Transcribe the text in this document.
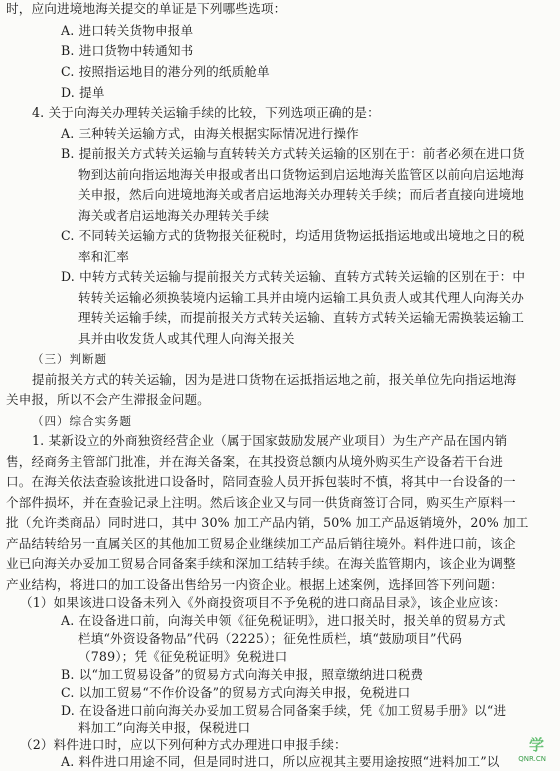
时，应向进境地海关提交的单证是下列哪些选项：
A. 进口转关货物申报单
B. 进口货物中转通知书
C. 按照指运地目的港分列的纸质舱单
D. 提单
4. 关于向海关办理转关运输手续的比较，下列选项正确的是：
A. 三种转关运输方式，由海关根据实际情况进行操作
B. 提前报关方式转关运输与直转转关方式转关运输的区别在于：前者必须在进口货
物到达前向指运地海关申报或者出口货物运到启运地海关监管区以前向启运地海
关申报，然后向进境地海关或者启运地海关办理转关手续；而后者直接向进境地
海关或者启运地海关办理转关手续
C. 不同转关运输方式的货物报关征税时，均适用货物运抵指运地或出境地之日的税
率和汇率
D. 中转方式转关运输与提前报关方式转关运输、直转方式转关运输的区别在于：中
转转关运输必须换装境内运输工具并由境内运输工具负责人或其代理人向海关办
理转关运输手续，而提前报关方式转关运输、直转方式转关运输无需换装运输工
具并由收发货人或其代理人向海关报关
（三）判断题
提前报关方式的转关运输，因为是进口货物在运抵指运地之前，报关单位先向指运地海
关申报，所以不会产生滞报金问题。
（四）综合实务题
1. 某新设立的外商独资经营企业（属于国家鼓励发展产业项目）为生产产品在国内销
售，经商务主管部门批准，并在海关备案，在其投资总额内从境外购买生产设备若干台进
口。在海关依法查验该批进口设备时，陪同查验人员开拆包装时不慎，将其中一台设备的一
个部件损坏，并在查验记录上注明。然后该企业又与同一供货商签订合同，购买生产原料一
批（允许类商品）同时进口，其中 30% 加工产品内销，50% 加工产品返销境外，20% 加工
产品结转给另一直属关区的其他加工贸易企业继续加工产品后销往境外。料件进口前，该企
业已向海关办妥加工贸易合同备案手续和深加工结转手续。在海关监管期内，该企业为调整
产业结构，将进口的加工设备出售给另一内资企业。根据上述案例，选择回答下列问题：
（1）如果该进口设备未列入《外商投资项目不予免税的进口商品目录》，该企业应该：
A. 在设备进口前，向海关申领《征免税证明》，进口报关时，报关单的贸易方式
栏填“外资设备物品”代码（2225）；征免性质栏，填“鼓励项目”代码
（789）；凭《征免税证明》免税进口
B. 以“加工贸易设备”的贸易方式向海关申报，照章缴纳进口税费
C. 以加工贸易“不作价设备”的贸易方式向海关申报，免税进口
D. 在设备进口前向海关办妥加工贸易合同备案手续，凭《加工贸易手册》以“进
料加工”向海关申报，保税进口
（2）料件进口时，应以下列何种方式办理进口申报手续：
A. 料件进口用途不同，但是同时进口，所以应视其主要用途按照“进料加工”以
学
QNR.CN
